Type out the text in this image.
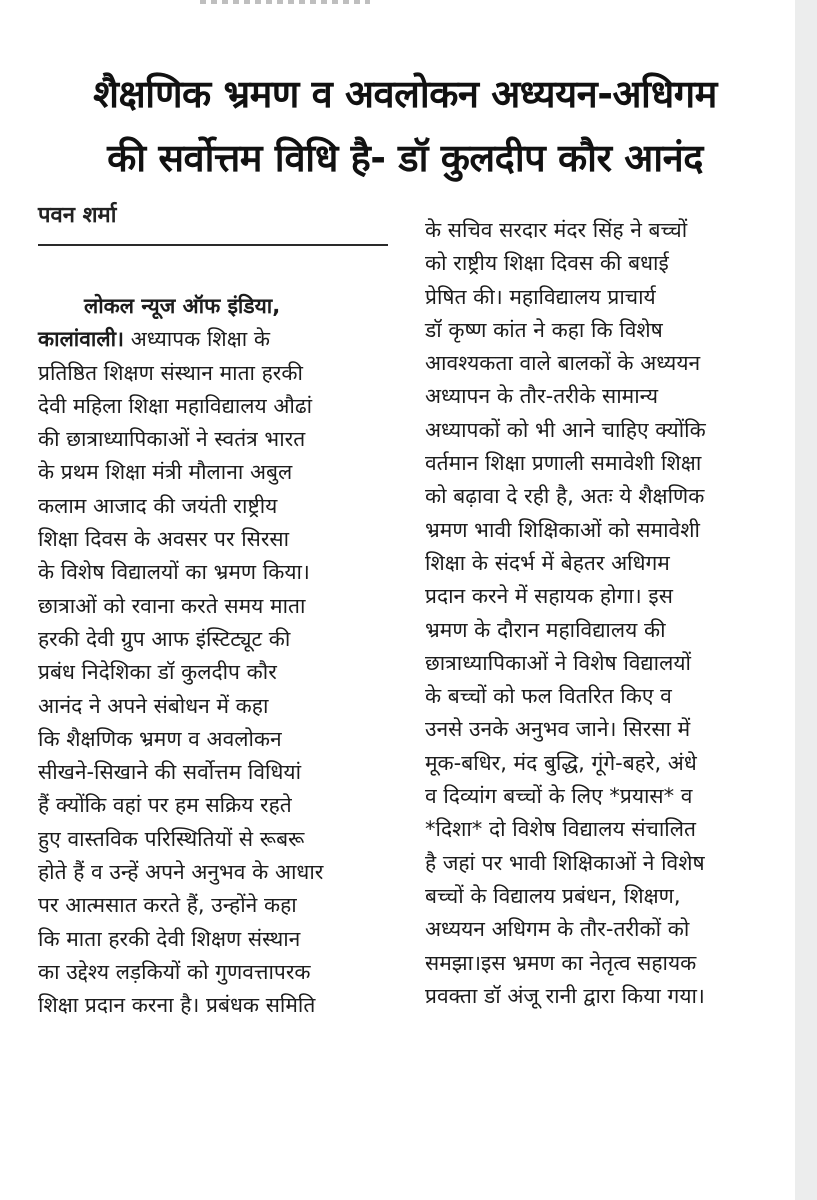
शैक्षणिक भ्रमण व अवलोकन अध्ययन-अधिगम
की सर्वोत्तम विधि है- डॉ कुलदीप कौर आनंद
पवन शर्मा
लोकल न्यूज ऑफ इंडिया,
कालांवाली। अध्यापक शिक्षा के
प्रतिष्ठित शिक्षण संस्थान माता हरकी
देवी महिला शिक्षा महाविद्यालय औढां
की छात्राध्यापिकाओं ने स्वतंत्र भारत
के प्रथम शिक्षा मंत्री मौलाना अबुल
कलाम आजाद की जयंती राष्ट्रीय
शिक्षा दिवस के अवसर पर सिरसा
के विशेष विद्यालयों का भ्रमण किया।
छात्राओं को रवाना करते समय माता
हरकी देवी ग्रुप आफ इंस्टिट्यूट की
प्रबंध निदेशिका डॉ कुलदीप कौर
आनंद ने अपने संबोधन में कहा
कि शैक्षणिक भ्रमण व अवलोकन
सीखने-सिखाने की सर्वोत्तम विधियां
हैं क्योंकि वहां पर हम सक्रिय रहते
हुए वास्तविक परिस्थितियों से रूबरू
होते हैं व उन्हें अपने अनुभव के आधार
पर आत्मसात करते हैं, उन्होंने कहा
कि माता हरकी देवी शिक्षण संस्थान
का उद्देश्य लड़कियों को गुणवत्तापरक
शिक्षा प्रदान करना है। प्रबंधक समिति
के सचिव सरदार मंदर सिंह ने बच्चों
को राष्ट्रीय शिक्षा दिवस की बधाई
प्रेषित की। महाविद्यालय प्राचार्य
डॉ कृष्ण कांत ने कहा कि विशेष
आवश्यकता वाले बालकों के अध्ययन
अध्यापन के तौर-तरीके सामान्य
अध्यापकों को भी आने चाहिए क्योंकि
वर्तमान शिक्षा प्रणाली समावेशी शिक्षा
को बढ़ावा दे रही है, अतः ये शैक्षणिक
भ्रमण भावी शिक्षिकाओं को समावेशी
शिक्षा के संदर्भ में बेहतर अधिगम
प्रदान करने में सहायक होगा। इस
भ्रमण के दौरान महाविद्यालय की
छात्राध्यापिकाओं ने विशेष विद्यालयों
के बच्चों को फल वितरित किए व
उनसे उनके अनुभव जाने। सिरसा में
मूक-बधिर, मंद बुद्धि, गूंगे-बहरे, अंधे
व दिव्यांग बच्चों के लिए *प्रयास* व
*दिशा* दो विशेष विद्यालय संचालित
है जहां पर भावी शिक्षिकाओं ने विशेष
बच्चों के विद्यालय प्रबंधन, शिक्षण,
अध्ययन अधिगम के तौर-तरीकों को
समझा।इस भ्रमण का नेतृत्व सहायक
प्रवक्ता डॉ अंजू रानी द्वारा किया गया।
